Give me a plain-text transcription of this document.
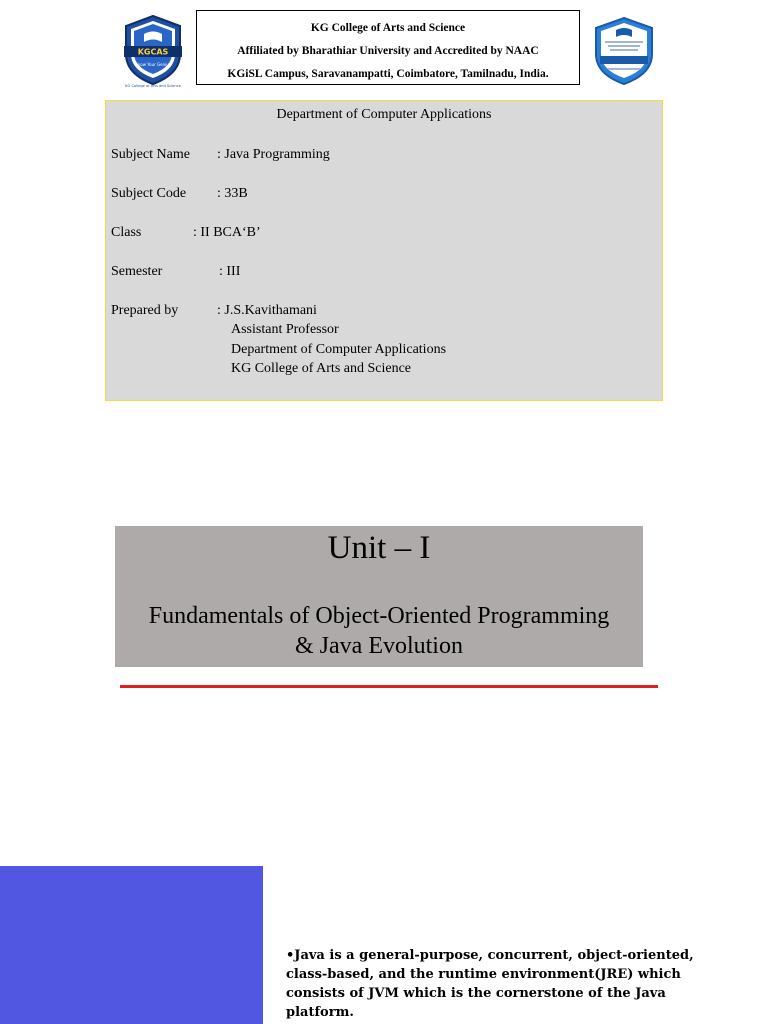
KGCAS
Know Your Genius
KG College of Arts and Science
KG College of Arts and Science
Affiliated by Bharathiar University and Accredited by NAAC
KGiSL Campus, Saravanampatti, Coimbatore, Tamilnadu, India.
Department of Computer Applications
Subject Name : Java Programming
Subject Code : 33B
Class	: II BCA‘B’
Semester	: III
Prepared by	: J.S.Kavithamani
Assistant Professor
Department of Computer Applications
KG College of Arts and Science
Unit – I
Fundamentals of Object-Oriented Programming
& Java Evolution
•Java is a general-purpose, concurrent, object-oriented, class-based, and the runtime environment(JRE) which consists of JVM which is the cornerstone of the Java platform.
